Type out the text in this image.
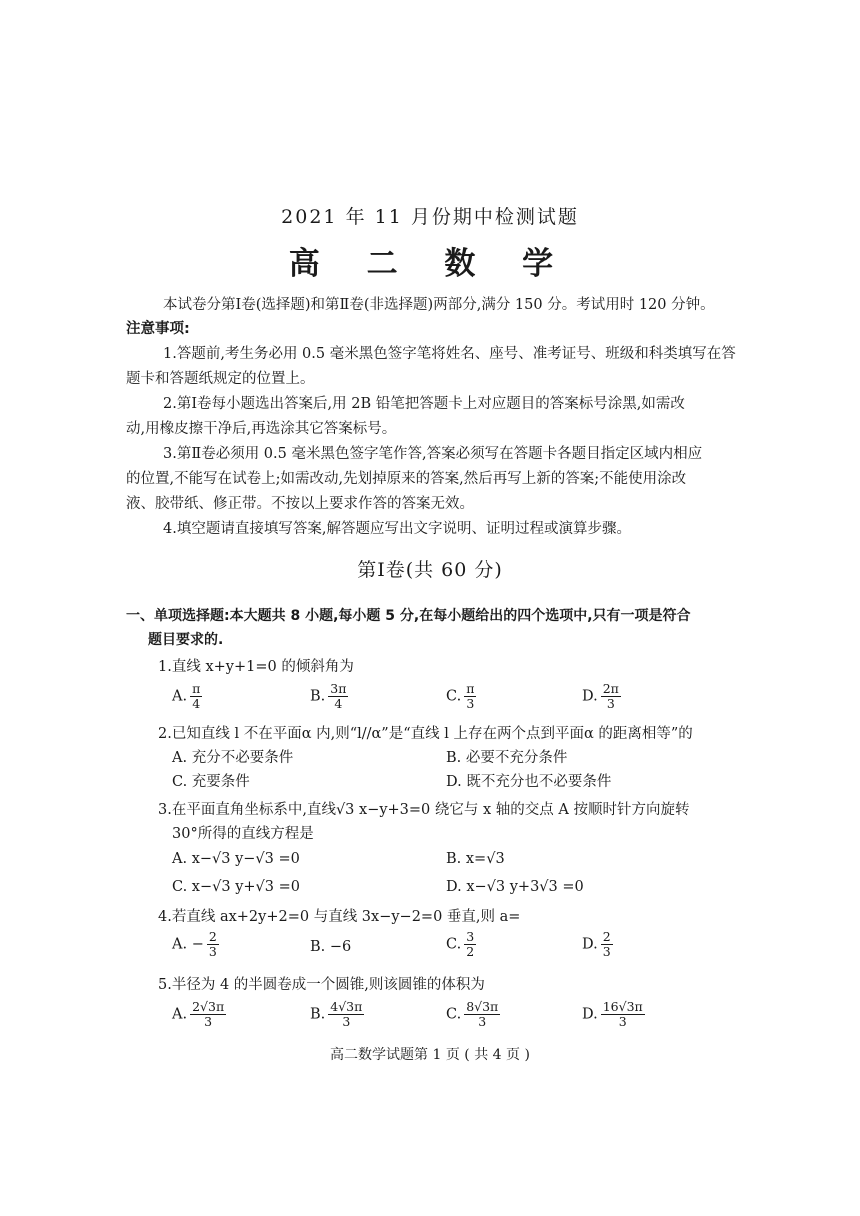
2021 年 11 月份期中检测试题
高 二 数 学
本试卷分第Ⅰ卷(选择题)和第Ⅱ卷(非选择题)两部分,满分 150 分。考试用时 120 分钟。
注意事项:
1.答题前,考生务必用 0.5 毫米黑色签字笔将姓名、座号、准考证号、班级和科类填写在答
题卡和答题纸规定的位置上。
2.第Ⅰ卷每小题选出答案后,用 2B 铅笔把答题卡上对应题目的答案标号涂黑,如需改
动,用橡皮擦干净后,再选涂其它答案标号。
3.第Ⅱ卷必须用 0.5 毫米黑色签字笔作答,答案必须写在答题卡各题目指定区域内相应
的位置,不能写在试卷上;如需改动,先划掉原来的答案,然后再写上新的答案;不能使用涂改
液、胶带纸、修正带。不按以上要求作答的答案无效。
4.填空题请直接填写答案,解答题应写出文字说明、证明过程或演算步骤。
第Ⅰ卷(共 60 分)
一、单项选择题:本大题共 8 小题,每小题 5 分,在每小题给出的四个选项中,只有一项是符合
题目要求的.
1.直线 x+y+1=0 的倾斜角为
A. $\frac{\pi}{4}$	B. $\frac{3\pi}{4}$	C. $\frac{\pi}{3}$	D. $\frac{2\pi}{3}$
2.已知直线 l 不在平面α 内,则“l//α”是“直线 l 上存在两个点到平面α 的距离相等”的
A. 充分不必要条件	B. 必要不充分条件
C. 充要条件	D. 既不充分也不必要条件
3.在平面直角坐标系中,直线√3 x−y+3=0 绕它与 x 轴的交点 A 按顺时针方向旋转
30°所得的直线方程是
A. x−√3 y−√3 =0	B. x=√3
C. x−√3 y+√3 =0	D. x−√3 y+3√3 =0
4.若直线 ax+2y+2=0 与直线 3x−y−2=0 垂直,则 a=
A. − $\frac{2}{3}$	B. −6	C. $\frac{3}{2}$	D. $\frac{2}{3}$
5.半径为 4 的半圆卷成一个圆锥,则该圆锥的体积为
A. $\frac{2√3\pi}{3}$	B. $\frac{4√3\pi}{3}$	C. $\frac{8√3\pi}{3}$	D. $\frac{16√3\pi}{3}$
高二数学试题第 1 页 ( 共 4 页 )
